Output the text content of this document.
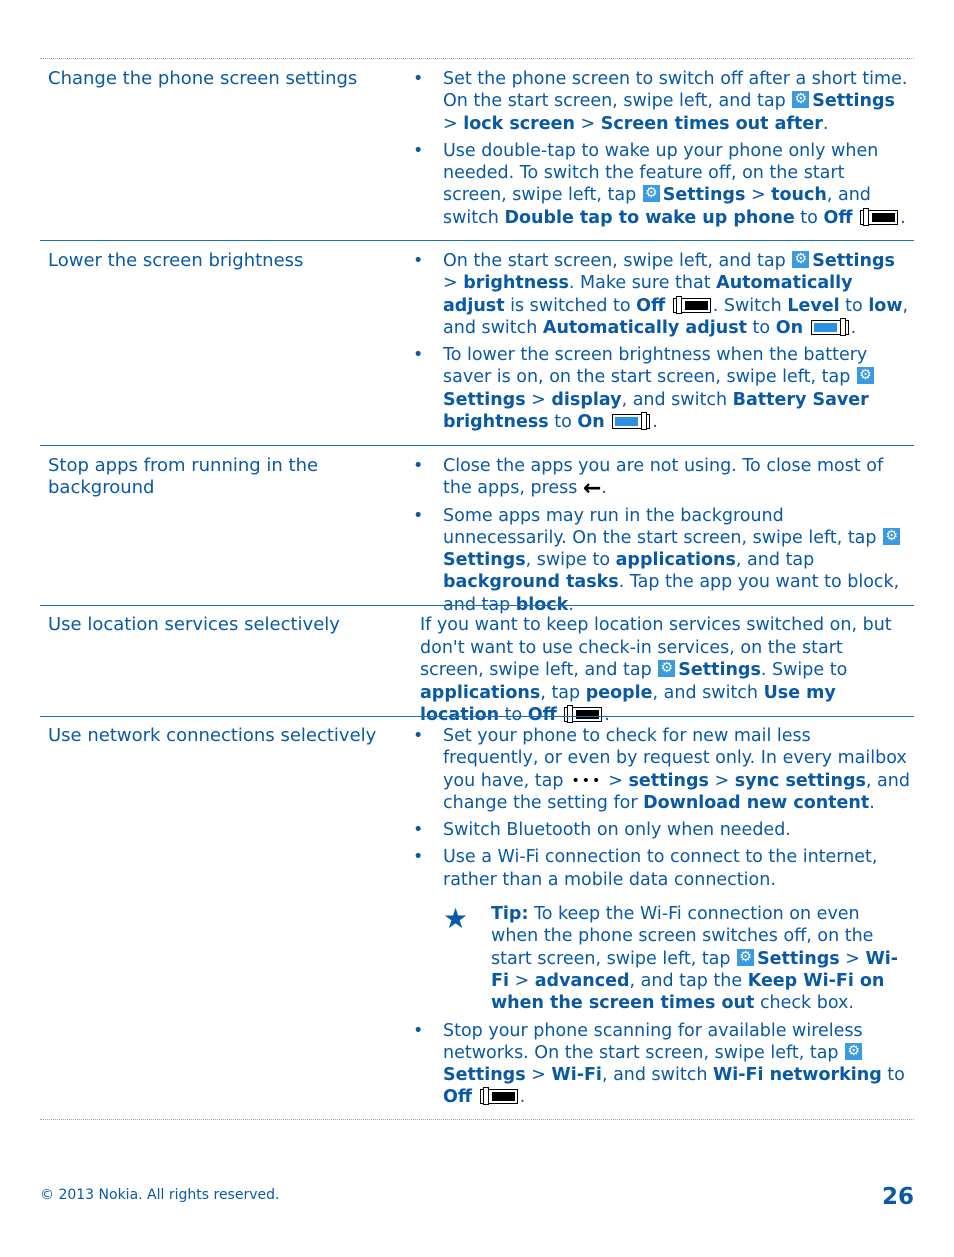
Change the phone screen settings	• Set the phone screen to switch off after a short time. On the start screen, swipe left, and tap ⚙Settings > lock screen > Screen times out after.
• Use double-tap to wake up your phone only when needed. To switch the feature off, on the start screen, swipe left, tap ⚙Settings > touch, and switch Double tap to wake up phone to Off	.
Lower the screen brightness	• On the start screen, swipe left, and tap ⚙Settings > brightness. Make sure that Automatically adjust is switched to Off	. Switch Level to low, and switch Automatically adjust to On	.
• To lower the screen brightness when the battery saver is on, on the start screen, swipe left, tap ⚙ Settings > display, and switch Battery Saver brightness to On	.
Stop apps from running in the background
• Close the apps you are not using. To close most of the apps, press ←.
• Some apps may run in the background unnecessarily. On the start screen, swipe left, tap ⚙Settings, swipe to applications, and tap background tasks. Tap the app you want to block, and tap block.
Use location services selectively	If you want to keep location services switched on, but don't want to use check-in services, on the start screen, swipe left, and tap ⚙Settings. Swipe to applications, tap people, and switch Use my location to Off	.
Use network connections selectively	• Set your phone to check for new mail less frequently, or even by request only. In every mailbox you have, tap ••• > settings > sync settings, and change the setting for Download new content.
• Switch Bluetooth on only when needed.
• Use a Wi-Fi connection to connect to the internet, rather than a mobile data connection.
★ Tip: To keep the Wi-Fi connection on even when the phone screen switches off, on the start screen, swipe left, tap ⚙Settings > Wi-Fi > advanced, and tap the Keep Wi-Fi on when the screen times out check box.
• Stop your phone scanning for available wireless networks. On the start screen, swipe left, tap ⚙ Settings > Wi-Fi, and switch Wi-Fi networking to Off	.
© 2013 Nokia. All rights reserved.	26
